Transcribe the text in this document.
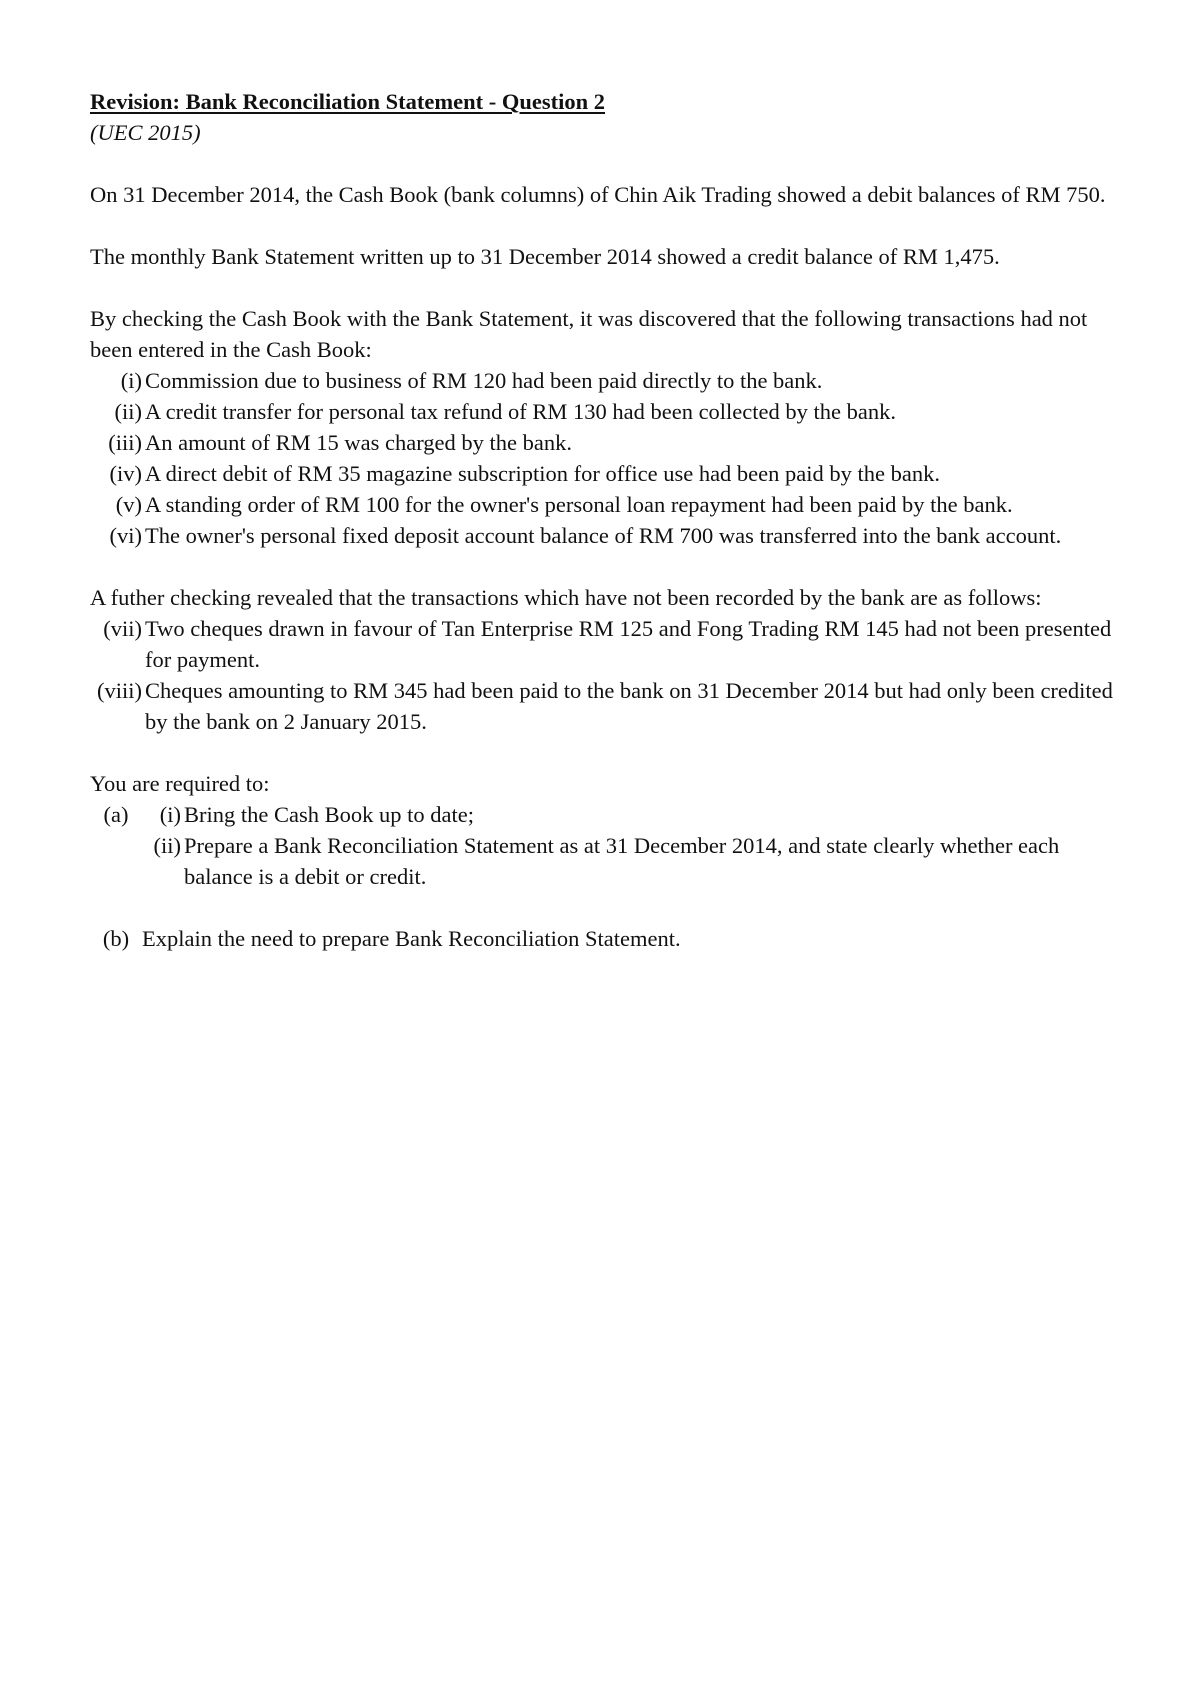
Revision: Bank Reconciliation Statement - Question 2
(UEC 2015)

On 31 December 2014, the Cash Book (bank columns) of Chin Aik Trading showed a debit balances of RM 750.

The monthly Bank Statement written up to 31 December 2014 showed a credit balance of RM 1,475.

By checking the Cash Book with the Bank Statement, it was discovered that the following transactions had not been entered in the Cash Book:

(i) Commission due to business of RM 120 had been paid directly to the bank.
(ii) A credit transfer for personal tax refund of RM 130 had been collected by the bank.
(iii) An amount of RM 15 was charged by the bank.
(iv) A direct debit of RM 35 magazine subscription for office use had been paid by the bank.
(v) A standing order of RM 100 for the owner's personal loan repayment had been paid by the bank.
(vi) The owner's personal fixed deposit account balance of RM 700 was transferred into the bank account.

A futher checking revealed that the transactions which have not been recorded by the bank are as follows:

(vii) Two cheques drawn in favour of Tan Enterprise RM 125 and Fong Trading RM 145 had not been presented for payment.
(viii) Cheques amounting to RM 345 had been paid to the bank on 31 December 2014 but had only been credited by the bank on 2 January 2015.

You are required to:

(a)	(i) Bring the Cash Book up to date;
(ii) Prepare a Bank Reconciliation Statement as at 31 December 2014, and state clearly whether each balance is a debit or credit.
(b) Explain the need to prepare Bank Reconciliation Statement.
